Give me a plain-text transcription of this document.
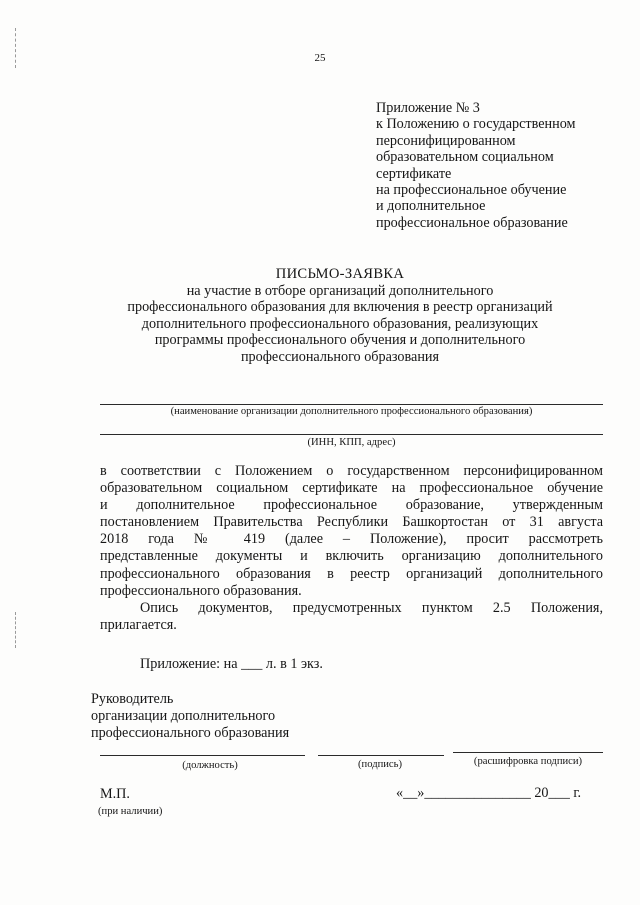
25
Приложение № 3
к Положению о государственном
персонифицированном
образовательном социальном
сертификате
на профессиональное обучение
и дополнительное
профессиональное образование
ПИСЬМО-ЗАЯВКА
на участие в отборе организаций дополнительного
профессионального образования для включения в реестр организаций
дополнительного профессионального образования, реализующих
программы профессионального обучения и дополнительного
профессионального образования
(наименование организации дополнительного профессионального образования)
(ИНН, КПП, адрес)
в соответствии с Положением о государственном персонифицированном
образовательном социальном сертификате на профессиональное обучение
и дополнительное профессиональное образование, утвержденным
постановлением Правительства Республики Башкортостан от 31 августа
2018 года № 419 (далее – Положение), просит рассмотреть
представленные документы и включить организацию дополнительного
профессионального образования в реестр организаций дополнительного
профессионального образования.
Опись документов, предусмотренных пунктом 2.5 Положения,
прилагается.
Приложение: на ___ л. в 1 экз.
Руководитель
организации дополнительного
профессионального образования
(должность)	(подпись)	(расшифровка подписи)
М.П.
(при наличии)
«__»_______________ 20___ г.
